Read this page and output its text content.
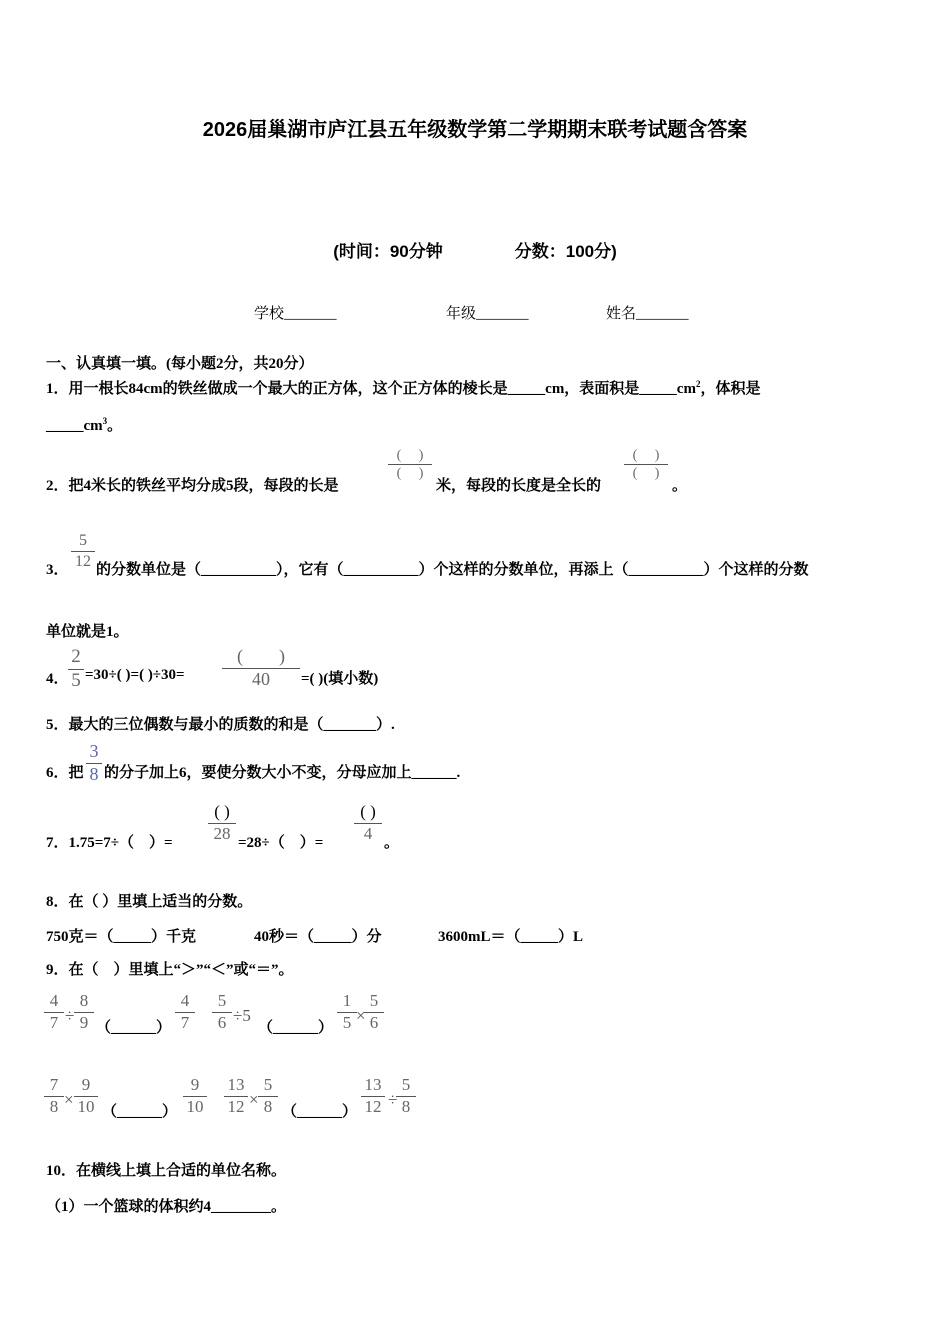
2026届巢湖市庐江县五年级数学第二学期期末联考试题含答案
(时间：90分钟	分数：100分)
学校_______	年级_______	姓名_______
一、认真填一填。(每小题2分，共20分）
1．用一根长84cm的铁丝做成一个最大的正方体，这个正方体的棱长是_____cm，表面积是$\_\_\_\_\_cm^2$，体积是
$\_\_\_\_\_cm^3$。
2．把4米长的铁丝平均分成5段，每段的长是
(　 )
(　 )
米，每段的长度是全长的
(　 )
(　 )
。
3．
5
12
的分数单位是（__________），它有（__________）个这样的分数单位，再添上（__________）个这样的分数
单位就是1。
4．
2
5 =30÷( )=( )÷30=
(　　)
40	=( )(填小数)
5．最大的三位偶数与最小的质数的和是（_______）.
6．把
3
8 的分子加上6，要使分数大小不变，分母应加上______.
7．1.75=7÷（　）=
( )
28
=28÷（　）=
( )
4
。
8．在（ ）里填上适当的分数。
750克＝（_____）千克	40秒＝（_____）分	3600mL＝（_____）L
9．在（　）里填上“＞”“＜”或“＝”。
4
7 ÷
8
9 （______）
4
7
5
6 ÷5
（______）
1
5 ×
5
6
7
8 ×
9
10 （______）
9
10
13
12 ×
5
8 （______）
13
12 ÷
5
8
10．在横线上填上合适的单位名称。
（1）一个篮球的体积约4________。
